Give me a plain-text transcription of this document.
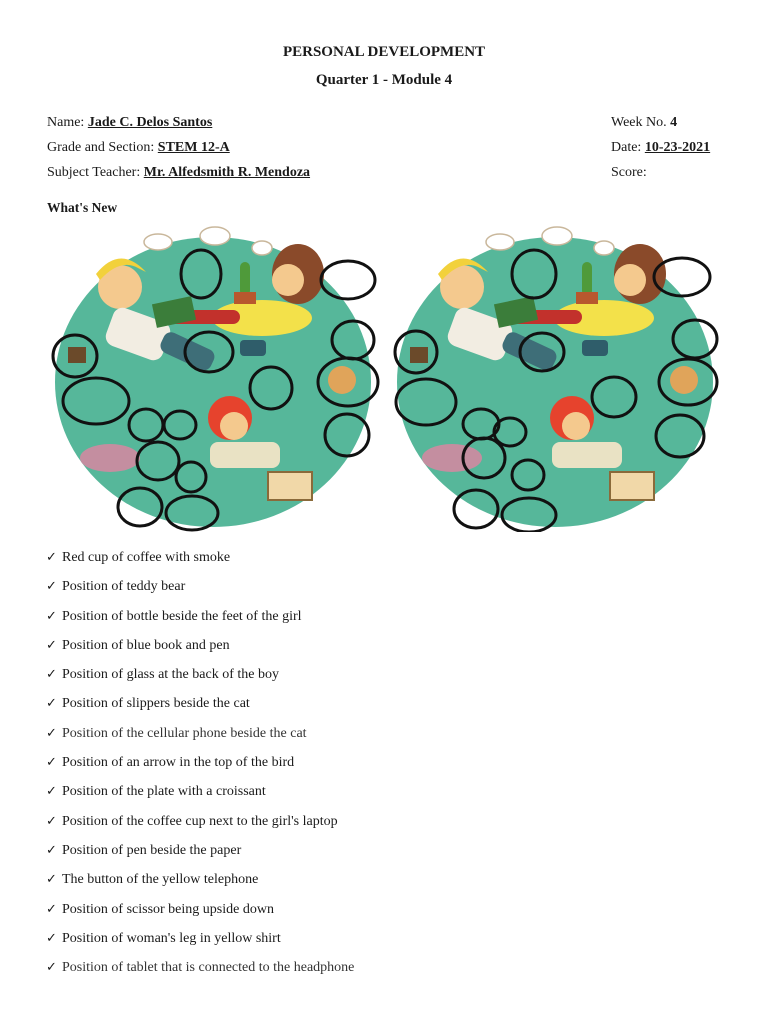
PERSONAL DEVELOPMENT
Quarter 1 - Module 4
Name: Jade C. Delos Santos
Grade and Section: STEM 12-A
Subject Teacher: Mr. Alfedsmith R. Mendoza
Week No. 4
Date: 10-23-2021
Score:
What's New
✓ Red cup of coffee with smoke
✓ Position of teddy bear
✓ Position of bottle beside the feet of the girl
✓ Position of blue book and pen
✓ Position of glass at the back of the boy
✓ Position of slippers beside the cat
✓ Position of the cellular phone beside the cat
✓ Position of an arrow in the top of the bird
✓ Position of the plate with a croissant
✓ Position of the coffee cup next to the girl's laptop
✓ Position of pen beside the paper
✓ The button of the yellow telephone
✓ Position of scissor being upside down
✓ Position of woman's leg in yellow shirt
✓ Position of tablet that is connected to the headphone
